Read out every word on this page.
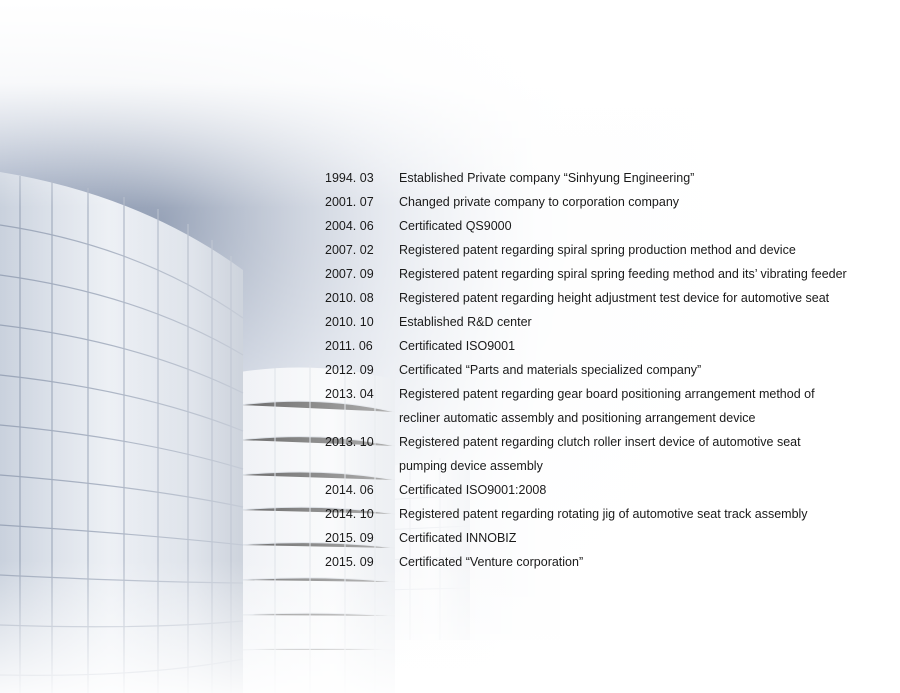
1994. 03	Established Private company “Sinhyung Engineering”
2001. 07	Changed private company to corporation company
2004. 06	Certificated QS9000
2007. 02	Registered patent regarding spiral spring production method and device
2007. 09	Registered patent regarding spiral spring feeding method and its’ vibrating feeder
2010. 08	Registered patent regarding height adjustment test device for automotive seat
2010. 10	Established R&D center
2011. 06	Certificated ISO9001
2012. 09	Certificated “Parts and materials specialized company”
2013. 04	Registered patent regarding gear board positioning arrangement method of
recliner automatic assembly and positioning arrangement device
2013. 10	Registered patent regarding clutch roller insert device of automotive seat
pumping device assembly
2014. 06	Certificated ISO9001:2008
2014. 10	Registered patent regarding rotating jig of automotive seat track assembly
2015. 09	Certificated INNOBIZ
2015. 09	Certificated “Venture corporation”
